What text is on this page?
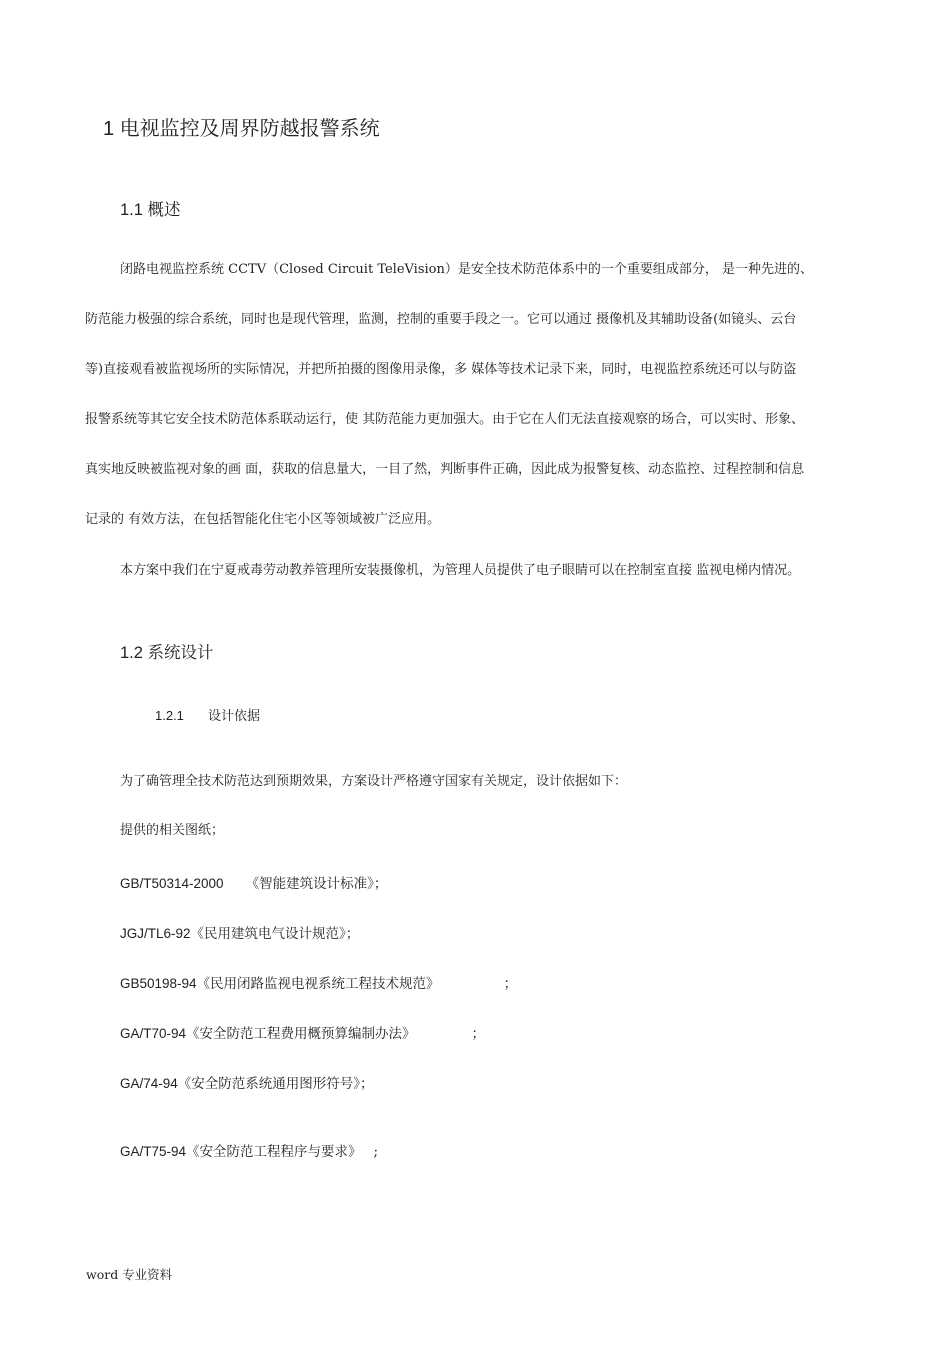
1 电视监控及周界防越报警系统
1.1 概述
闭路电视监控系统 CCTV（Closed Circuit TeleVision）是安全技术防范体系中的一个重要组成部分， 是一种先进的、
防范能力极强的综合系统，同时也是现代管理，监测，控制的重要手段之一。它可以通过 摄像机及其辅助设备(如镜头、云台
等)直接观看被监视场所的实际情况，并把所拍摄的图像用录像，多 媒体等技术记录下来，同时，电视监控系统还可以与防盗
报警系统等其它安全技术防范体系联动运行，使 其防范能力更加强大。由于它在人们无法直接观察的场合，可以实时、形象、
真实地反映被监视对象的画 面，获取的信息量大，一目了然，判断事件正确，因此成为报警复核、动态监控、过程控制和信息
记录的 有效方法，在包括智能化住宅小区等领域被广泛应用。
本方案中我们在宁夏戒毒劳动教养管理所安装摄像机，为管理人员提供了电子眼睛可以在控制室直接 监视电梯内情况。
1.2 系统设计
1.2.1 设计依据
为了确管理全技术防范达到预期效果，方案设计严格遵守国家有关规定，设计依据如下：
提供的相关图纸；
GB/T50314-2000 《智能建筑设计标准》；
JGJ/TL6-92《民用建筑电气设计规范》；
GB50198-94《民用闭路监视电视系统工程技术规范》	；
GA/T70-94《安全防范工程费用概预算编制办法》	；
GA/74-94《安全防范系统通用图形符号》；
GA/T75-94《安全防范工程程序与要求》 ;
word 专业资料
